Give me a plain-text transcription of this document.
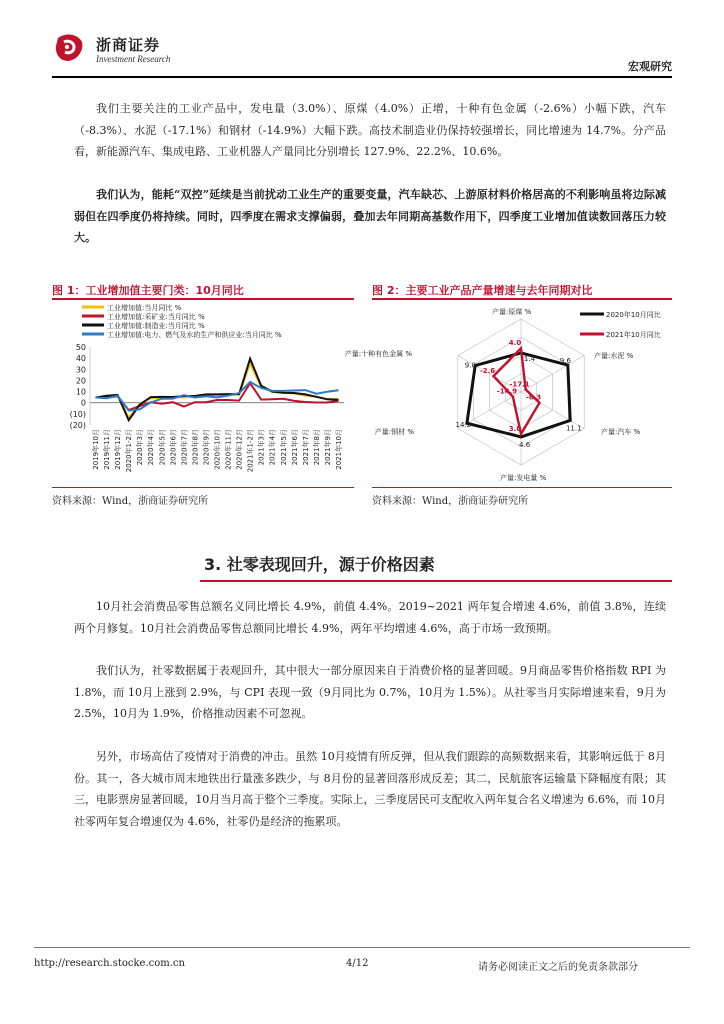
浙商证券
Investment Research
宏观研究
我们主要关注的工业产品中，发电量（3.0%）、原煤（4.0%）正增，十种有色金属（-2.6%）小幅下跌，汽车（-8.3%）、水泥（-17.1%）和钢材（-14.9%）大幅下跌。高技术制造业仍保持较强增长，同比增速为 14.7%。分产品看，新能源汽车、集成电路、工业机器人产量同比分别增长 127.9%、22.2%、10.6%。
我们认为，能耗“双控”延续是当前扰动工业生产的重要变量，汽车缺芯、上游原材料价格居高的不利影响虽将边际减弱但在四季度仍将持续。同时，四季度在需求支撑偏弱，叠加去年同期高基数作用下，四季度工业增加值读数回落压力较大。
图 1：工业增加值主要门类：10月同比	图 2：主要工业产品产量增速与去年同期对比
工业增加值:当月同比 %
工业增加值:采矿业:当月同比 %
工业增加值:制造业:当月同比 %
工业增加值:电力、燃气及水的生产和供应业:当月同比 %
50
40
30
20
10
0
(10)
(20)
2019年10月 2019年11月 2019年12月 2020年1-2月 2020年3月 2020年4月 2020年5月 2020年6月 2020年7月 2020年8月 2020年9月 2020年10月 2020年11月 2020年12月 2021年1-2月 2021年3月 2021年4月 2021年5月 2021年6月 2021年7月 2021年8月 2021年9月 2021年10月
产量:原煤 %
产量:水泥 %
产量:汽车 %
产量:发电量 %
产量:钢材 %
产量:十种有色金属 %
1.4	9.6
11.1
4.6
14.2
9.0
4.0
-17.1
-8.3
3.0
-14.9
-2.6
2020年10月同比
2021年10月同比
资料来源：Wind，浙商证券研究所	资料来源：Wind，浙商证券研究所
3. 社零表现回升，源于价格因素
10月社会消费品零售总额名义同比增长 4.9%，前值 4.4%。2019~2021 两年复合增速 4.6%，前值 3.8%，连续两个月修复。10月社会消费品零售总额同比增长 4.9%，两年平均增速 4.6%，高于市场一致预期。
我们认为，社零数据属于表观回升，其中很大一部分原因来自于消费价格的显著回暖。9月商品零售价格指数 RPI 为 1.8%，而 10月上涨到 2.9%，与 CPI 表现一致（9月同比为 0.7%，10月为 1.5%）。从社零当月实际增速来看，9月为 2.5%，10月为 1.9%，价格推动因素不可忽视。
另外，市场高估了疫情对于消费的冲击。虽然 10月疫情有所反弹，但从我们跟踪的高频数据来看，其影响远低于 8月份。其一，各大城市周末地铁出行量涨多跌少，与 8月份的显著回落形成反差；其二，民航旅客运输量下降幅度有限；其三，电影票房显著回暖，10月当月高于整个三季度。实际上，三季度居民可支配收入两年复合名义增速为 6.6%，而 10月社零两年复合增速仅为 4.6%，社零仍是经济的拖累项。
http://research.stocke.com.cn	4/12	请务必阅读正文之后的免责条款部分
